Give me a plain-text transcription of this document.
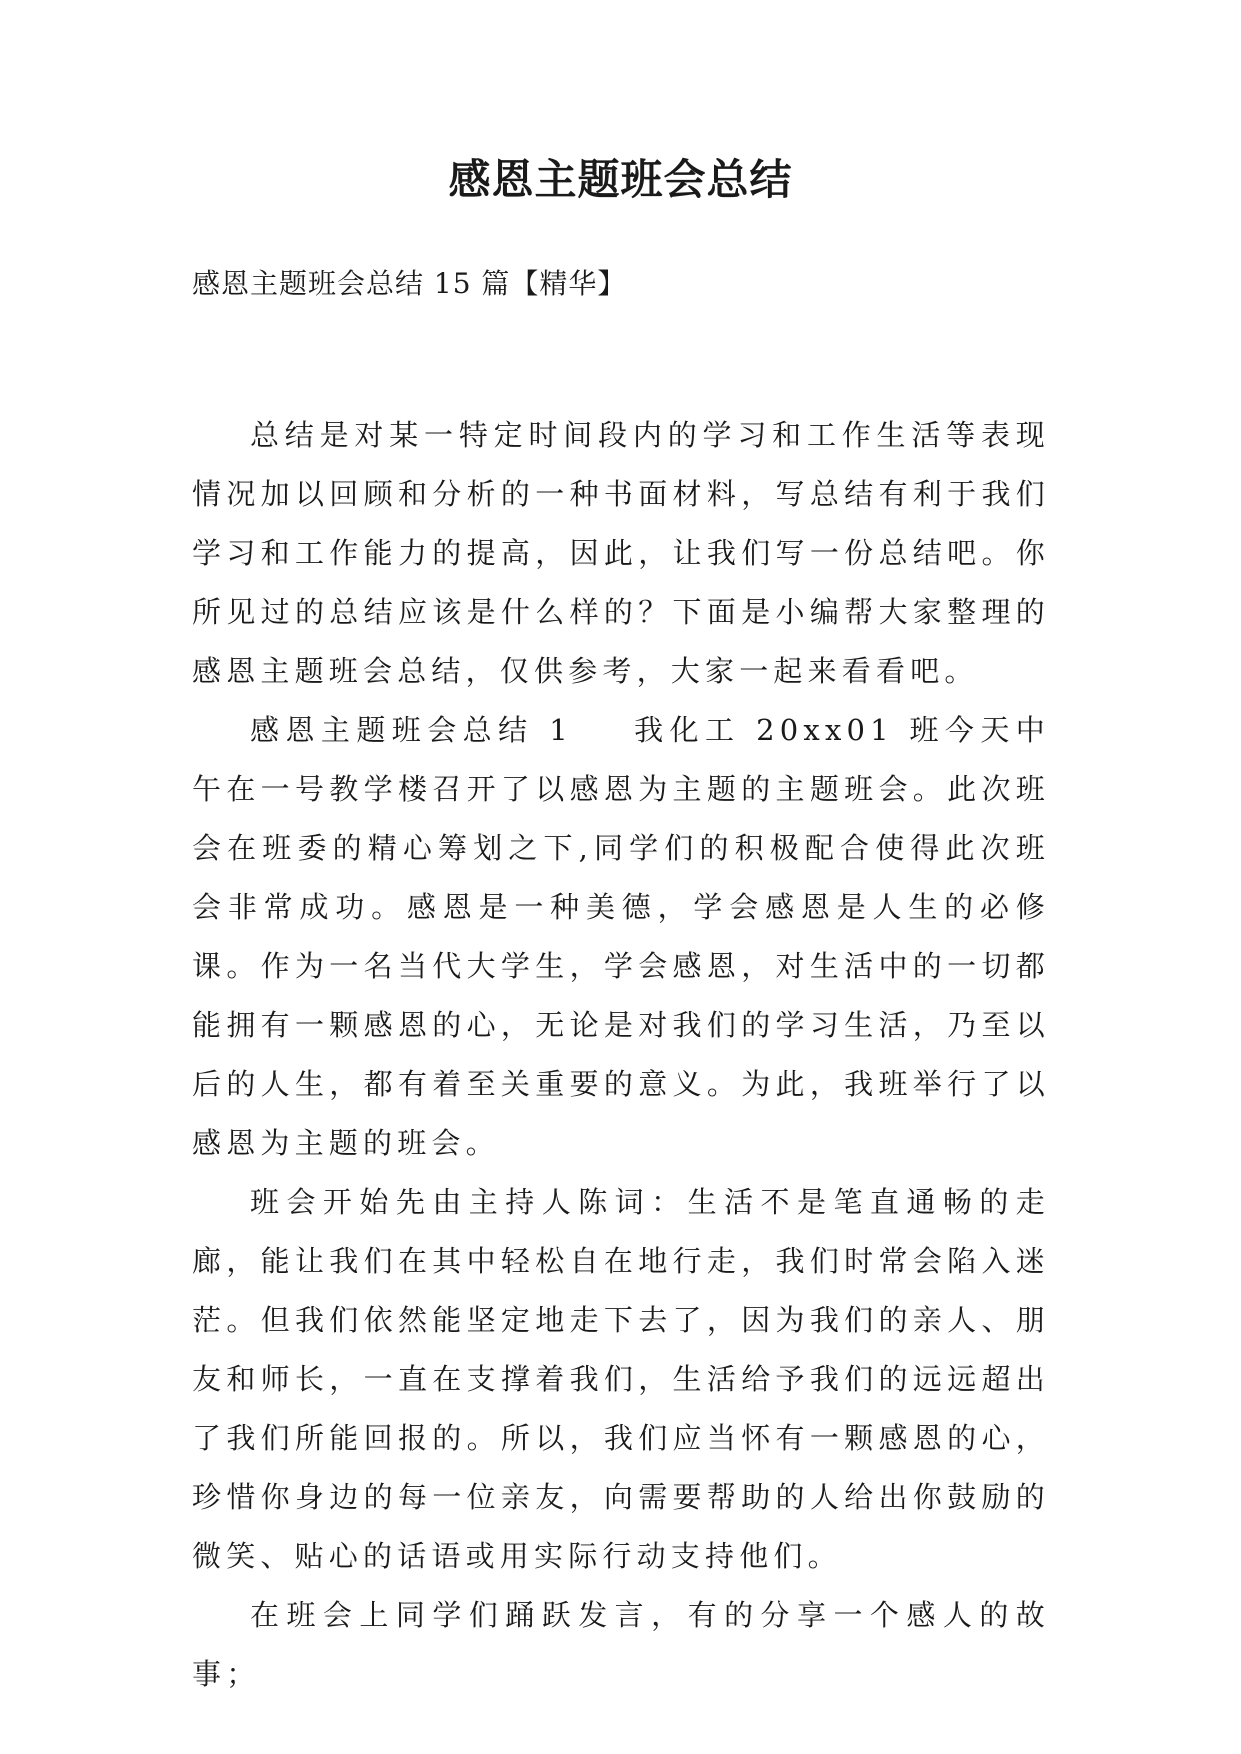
感恩主题班会总结

感恩主题班会总结 15 篇【精华】

总结是对某一特定时间段内的学习和工作生活等表现情况加以回顾和分析的一种书面材料，写总结有利于我们学习和工作能力的提高，因此，让我们写一份总结吧。你所见过的总结应该是什么样的？下面是小编帮大家整理的感恩主题班会总结，仅供参考，大家一起来看看吧。

感恩主题班会总结 1 我化工 20xx01 班今天中午在一号教学楼召开了以感恩为主题的主题班会。此次班会在班委的精心筹划之下,同学们的积极配合使得此次班会非常成功。感恩是一种美德，学会感恩是人生的必修课。作为一名当代大学生，学会感恩，对生活中的一切都能拥有一颗感恩的心，无论是对我们的学习生活，乃至以后的人生，都有着至关重要的意义。为此，我班举行了以感恩为主题的班会。

班会开始先由主持人陈词：生活不是笔直通畅的走廊，能让我们在其中轻松自在地行走，我们时常会陷入迷茫。但我们依然能坚定地走下去了，因为我们的亲人、朋友和师长，一直在支撑着我们，生活给予我们的远远超出了我们所能回报的。所以，我们应当怀有一颗感恩的心，珍惜你身边的每一位亲友，向需要帮助的人给出你鼓励的微笑、贴心的话语或用实际行动支持他们。

在班会上同学们踊跃发言，有的分享一个感人的故事；
